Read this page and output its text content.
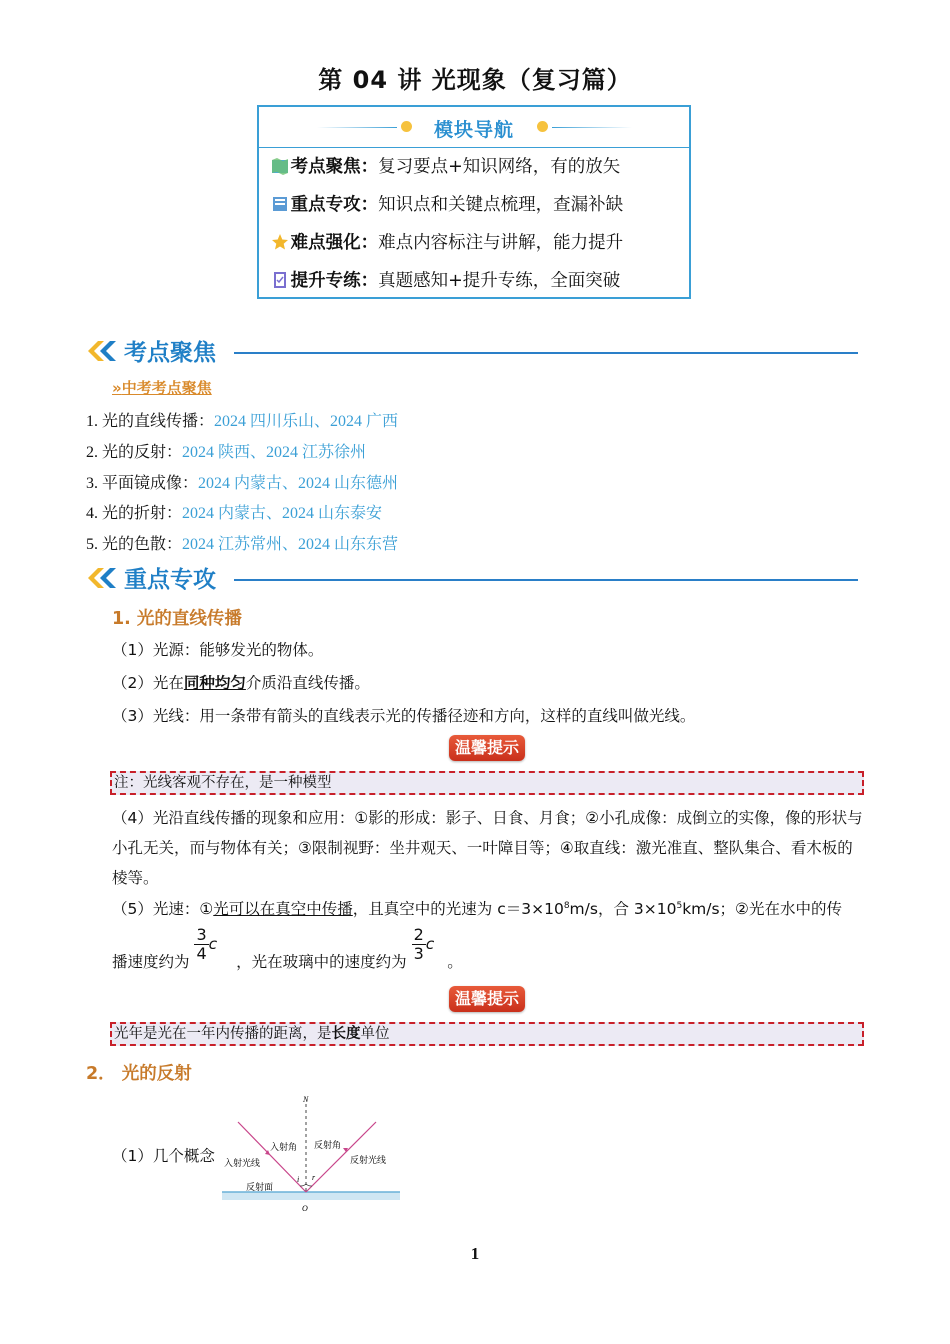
第 04 讲 光现象（复习篇）
模块导航
考点聚焦：复习要点+知识网络，有的放矢
重点专攻：知识点和关键点梳理，查漏补缺
难点强化：难点内容标注与讲解，能力提升
提升专练：真题感知+提升专练，全面突破
考点聚焦
»中考考点聚焦
1. 光的直线传播：2024 四川乐山、2024 广西
2. 光的反射：2024 陕西、2024 江苏徐州
3. 平面镜成像：2024 内蒙古、2024 山东德州
4. 光的折射：2024 内蒙古、2024 山东泰安
5. 光的色散：2024 江苏常州、2024 山东东营
重点专攻
1. 光的直线传播
（1）光源：能够发光的物体。
（2）光在同种均匀介质沿直线传播。
（3）光线：用一条带有箭头的直线表示光的传播径迹和方向，这样的直线叫做光线。
温馨提示
注：光线客观不存在，是一种模型
（4）光沿直线传播的现象和应用：①影的形成：影子、日食、月食；②小孔成像：成倒立的实像，像的形状与小孔无关，而与物体有关；③限制视野：坐井观天、一叶障目等；④取直线：激光准直、整队集合、看木板的棱等。
（5）光速：①光可以在真空中传播，且真空中的光速为 $c=3\times 10^8m/s$，合 $3\times 10^5km/s$；②光在水中的传
播速度约为 $\frac{3}{4}$ c ，光在玻璃中的速度约为 $\frac{2}{3}$ c 。
温馨提示
光年是光在一年内传播的距离，是长度单位
2． 光的反射
（1）几个概念
N
入射角 反射角
入射光线	反射光线
反射面
i r
O
1
